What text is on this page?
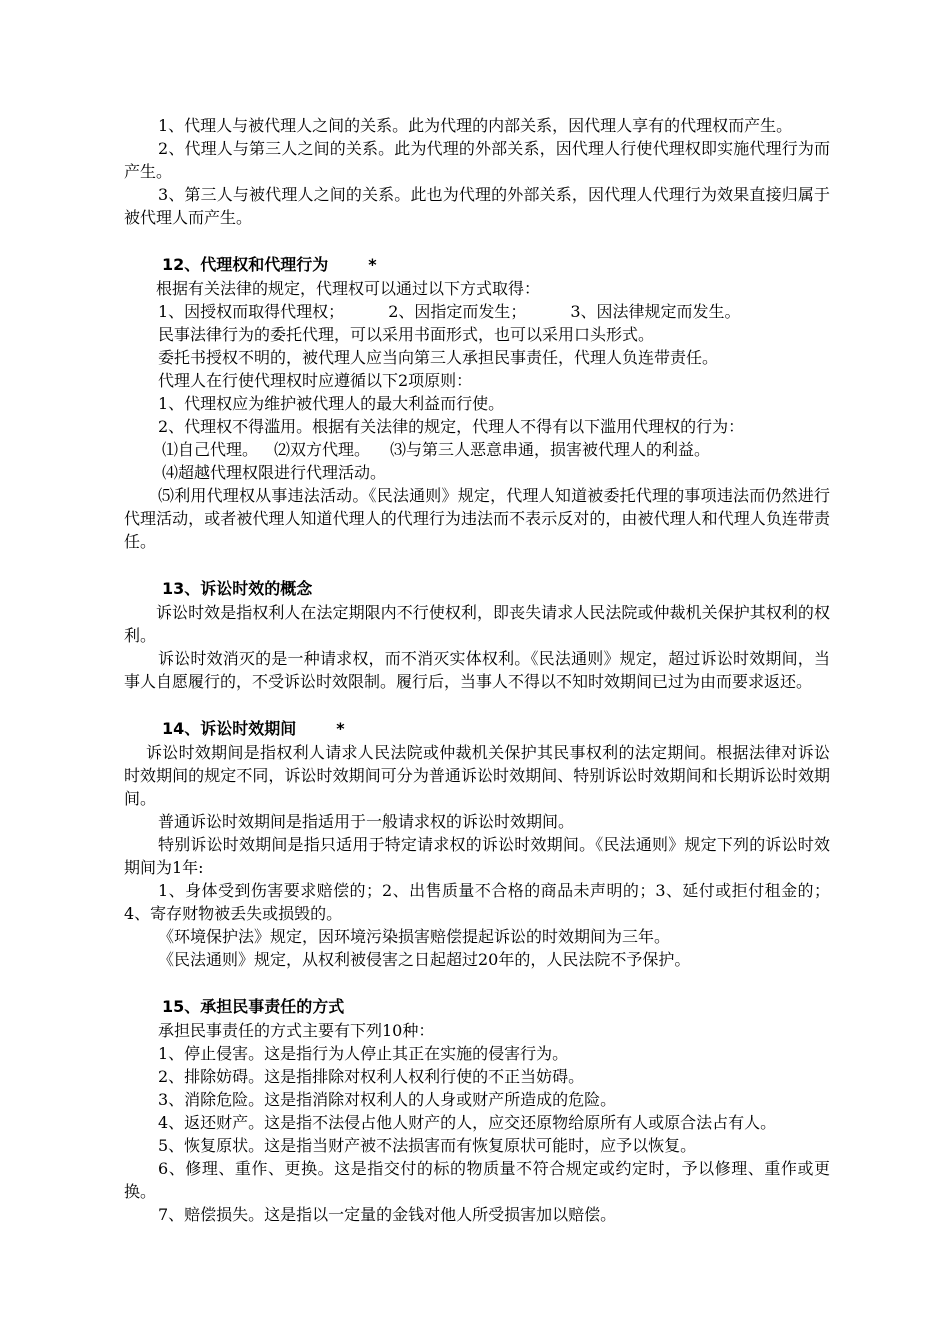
1、代理人与被代理人之间的关系。此为代理的内部关系，因代理人享有的代理权而产生。

2、代理人与第三人之间的关系。此为代理的外部关系，因代理人行使代理权即实施代理行为而产生。

3、第三人与被代理人之间的关系。此也为代理的外部关系，因代理人代理行为效果直接归属于被代理人而产生。

12、代理权和代理行为	*

根据有关法律的规定，代理权可以通过以下方式取得：

1、因授权而取得代理权；	2、因指定而发生；	3、因法律规定而发生。

民事法律行为的委托代理，可以采用书面形式，也可以采用口头形式。

委托书授权不明的，被代理人应当向第三人承担民事责任，代理人负连带责任。

代理人在行使代理权时应遵循以下2项原则：

1、代理权应为维护被代理人的最大利益而行使。

2、代理权不得滥用。根据有关法律的规定，代理人不得有以下滥用代理权的行为：

⑴自己代理。 ⑵双方代理。 ⑶与第三人恶意串通，损害被代理人的利益。

⑷超越代理权限进行代理活动。

⑸利用代理权从事违法活动。《民法通则》规定，代理人知道被委托代理的事项违法而仍然进行代理活动，或者被代理人知道代理人的代理行为违法而不表示反对的，由被代理人和代理人负连带责任。

13、诉讼时效的概念

诉讼时效是指权利人在法定期限内不行使权利，即丧失请求人民法院或仲裁机关保护其权利的权利。

诉讼时效消灭的是一种请求权，而不消灭实体权利。《民法通则》规定，超过诉讼时效期间，当事人自愿履行的，不受诉讼时效限制。履行后，当事人不得以不知时效期间已过为由而要求返还。

14、诉讼时效期间	*

诉讼时效期间是指权利人请求人民法院或仲裁机关保护其民事权利的法定期间。根据法律对诉讼时效期间的规定不同，诉讼时效期间可分为普通诉讼时效期间、特别诉讼时效期间和长期诉讼时效期间。

普通诉讼时效期间是指适用于一般请求权的诉讼时效期间。

特别诉讼时效期间是指只适用于特定请求权的诉讼时效期间。《民法通则》规定下列的诉讼时效期间为1年:

1、身体受到伤害要求赔偿的；2、出售质量不合格的商品未声明的；3、延付或拒付租金的；4、寄存财物被丢失或损毁的。

《环境保护法》规定，因环境污染损害赔偿提起诉讼的时效期间为三年。

《民法通则》规定，从权利被侵害之日起超过20年的，人民法院不予保护。

15、承担民事责任的方式

承担民事责任的方式主要有下列10种：

1、停止侵害。这是指行为人停止其正在实施的侵害行为。

2、排除妨碍。这是指排除对权利人权利行使的不正当妨碍。

3、消除危险。这是指消除对权利人的人身或财产所造成的危险。

4、返还财产。这是指不法侵占他人财产的人，应交还原物给原所有人或原合法占有人。

5、恢复原状。这是指当财产被不法损害而有恢复原状可能时，应予以恢复。

6、修理、重作、更换。这是指交付的标的物质量不符合规定或约定时，予以修理、重作或更换。

7、赔偿损失。这是指以一定量的金钱对他人所受损害加以赔偿。
